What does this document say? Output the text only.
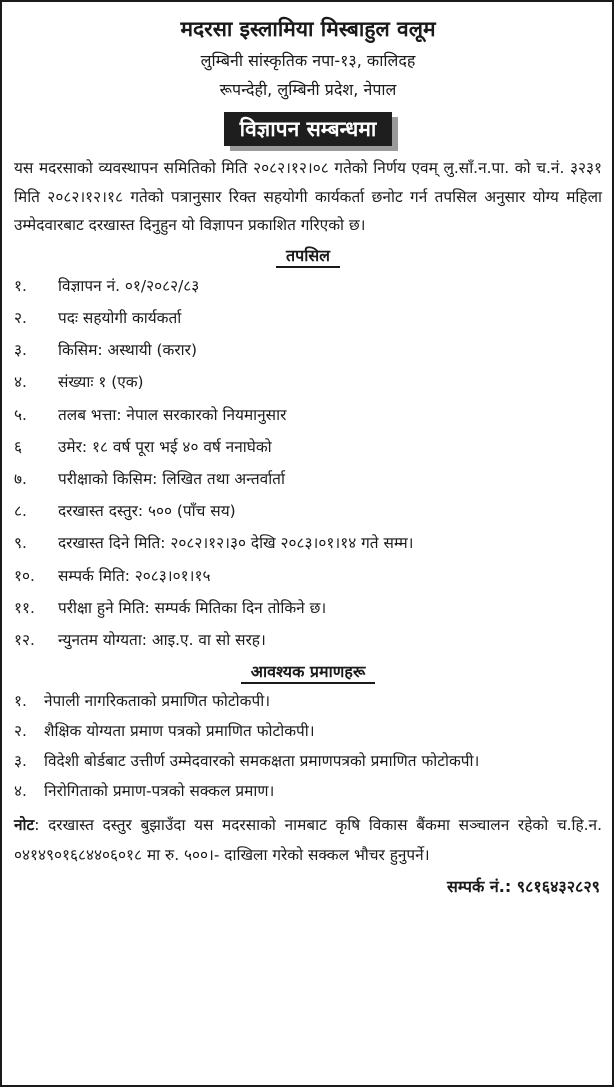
मदरसा इस्लामिया मिस्बाहुल वलूम
लुम्बिनी सांस्कृतिक नपा-१३, कालिदह
रूपन्देही, लुम्बिनी प्रदेश, नेपाल
विज्ञापन सम्बन्धमा

यस मदरसाको व्यवस्थापन समितिको मिति २०८२।१२।०८ गतेको निर्णय एवम् लु.सॉं.न.पा. को च.नं. ३२३१ मिति २०८२।१२।१८ गतेको पत्रानुसार रिक्त सहयोगी कार्यकर्ता छनोट गर्न तपसिल अनुसार योग्य महिला उम्मेदवारबाट दरखास्त दिनुहुन यो विज्ञापन प्रकाशित गरिएको छ।

तपसिल
१.	विज्ञापन नं. ०१/२०८२/८३
२.	पदः सहयोगी कार्यकर्ता
३.	किसिम: अस्थायी (करार)
४.	संख्याः १ (एक)
५.	तलब भत्ता: नेपाल सरकारको नियमानुसार
६	उमेर: १८ वर्ष पूरा भई ४० वर्ष ननाघेको
७.	परीक्षाको किसिम: लिखित तथा अन्तर्वार्ता
८.	दरखास्त दस्तुर: ५०० (पाँच सय)
९.	दरखास्त दिने मिति: २०८२।१२।३० देखि २०८३।०१।१४ गते सम्म।
१०.	सम्पर्क मिति: २०८३।०१।१५
११.	परीक्षा हुने मिति: सम्पर्क मितिका दिन तोकिने छ।
१२.	न्युनतम योग्यता: आइ.ए. वा सो सरह।
आवश्यक प्रमाणहरू
१.	नेपाली नागरिकताको प्रमाणित फोटोकपी।
२.	शैक्षिक योग्यता प्रमाण पत्रको प्रमाणित फोटोकपी।
३.	विदेशी बोर्डबाट उत्तीर्ण उम्मेदवारको समकक्षता प्रमाणपत्रको प्रमाणित फोटोकपी।
४.	निरोगिताको प्रमाण-पत्रको सक्कल प्रमाण।

नोट: दरखास्त दस्तुर बुझाउँदा यस मदरसाको नामबाट कृषि विकास बैंकमा सञ्चालन रहेको च.हि.न. ०४१४९०१६८४४०६०१८ मा रु. ५००।- दाखिला गरेको सक्कल भौचर हुनुपर्ने।

सम्पर्क नं.: ९८१६४३२८२९
